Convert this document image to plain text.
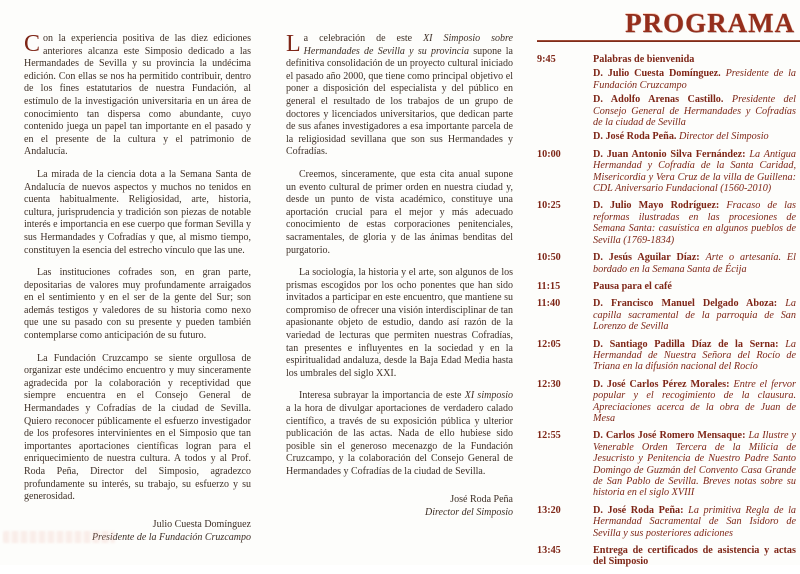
Con la experiencia positiva de las diez ediciones anteriores alcanza este Simposio dedicado a las Hermandades de Sevilla y su provincia la undécima edición. Con ellas se nos ha permitido contribuir, dentro de los fines estatutarios de nuestra Fundación, al estímulo de la investigación universitaria en un área de conocimiento tan dispersa como abundante, cuyo contenido juega un papel tan importante en el pasado y en el presente de la cultura y el patrimonio de Andalucía.

La mirada de la ciencia dota a la Semana Santa de Andalucía de nuevos aspectos y muchos no tenidos en cuenta habitualmente. Religiosidad, arte, historia, cultura, jurisprudencia y tradición son piezas de notable interés e importancia en ese cuerpo que forman Sevilla y sus Hermandades y Cofradías y que, al mismo tiempo, constituyen la esencia del estrecho vínculo que las une.

Las instituciones cofrades son, en gran parte, depositarias de valores muy profundamente arraigados en el sentimiento y en el ser de la gente del Sur; son además testigos y valedores de su historia como nexo que une su pasado con su presente y pueden también contemplarse como anticipación de su futuro.

La Fundación Cruzcampo se siente orgullosa de organizar este undécimo encuentro y muy sinceramente agradecida por la colaboración y receptividad que siempre encuentra en el Consejo General de Hermandades y Cofradías de la ciudad de Sevilla. Quiero reconocer públicamente el esfuerzo investigador de los profesores intervinientes en el Simposio que tan importantes aportaciones científicas logran para el enriquecimiento de nuestra cultura. A todos y al Prof. Roda Peña, Director del Simposio, agradezco profundamente su interés, su trabajo, su esfuerzo y su generosidad.

Julio Cuesta Domínguez
Presidente de la Fundación Cruzcampo

La celebración de este XI Simposio sobre Hermandades de Sevilla y su provincia supone la definitiva consolidación de un proyecto cultural iniciado el pasado año 2000, que tiene como principal objetivo el poner a disposición del especialista y del público en general el resultado de los trabajos de un grupo de doctores y licenciados universitarios, que dedican parte de sus afanes investigadores a esa importante parcela de la religiosidad sevillana que son sus Hermandades y Cofradías.

Creemos, sinceramente, que esta cita anual supone un evento cultural de primer orden en nuestra ciudad y, desde un punto de vista académico, constituye una aportación crucial para el mejor y más adecuado conocimiento de estas corporaciones penitenciales, sacramentales, de gloria y de las ánimas benditas del purgatorio.

La sociología, la historia y el arte, son algunos de los prismas escogidos por los ocho ponentes que han sido invitados a participar en este encuentro, que mantiene su compromiso de ofrecer una visión interdisciplinar de tan apasionante objeto de estudio, dando así razón de la variedad de lecturas que permiten nuestras Cofradías, tan presentes e influyentes en la sociedad y en la espiritualidad andaluza, desde la Baja Edad Media hasta los umbrales del siglo XXI.

Interesa subrayar la importancia de este XI simposio a la hora de divulgar aportaciones de verdadero calado científico, a través de su exposición pública y ulterior publicación de las actas. Nada de ello hubiese sido posible sin el generoso mecenazgo de la Fundación Cruzcampo, y la colaboración del Consejo General de Hermandades y Cofradías de la ciudad de Sevilla.

José Roda Peña
Director del Simposio
PROGRAMA
9:45	Palabras de bienvenida

D. Julio Cuesta Domínguez. Presidente de la Fundación Cruzcampo

D. Adolfo Arenas Castillo. Presidente del Consejo General de Hermandades y Cofradías de la ciudad de Sevilla

D. José Roda Peña. Director del Simposio

10:00	D. Juan Antonio Silva Fernández: La Antigua Hermandad y Cofradía de la Santa Caridad, Misericordia y Vera Cruz de la villa de Guillena: CDL Aniversario Fundacional (1560-2010)

10:25	D. Julio Mayo Rodríguez: Fracaso de las reformas ilustradas en las procesiones de Semana Santa: casuística en algunos pueblos de Sevilla (1769-1834)

10:50	D. Jesús Aguilar Díaz: Arte o artesanía. El bordado en la Semana Santa de Écija

11:15	Pausa para el café

11:40	D. Francisco Manuel Delgado Aboza: La capilla sacramental de la parroquia de San Lorenzo de Sevilla

12:05	D. Santiago Padilla Díaz de la Serna: La Hermandad de Nuestra Señora del Rocío de Triana en la difusión nacional del Rocío

12:30	D. José Carlos Pérez Morales: Entre el fervor popular y el recogimiento de la clausura. Apreciaciones acerca de la obra de Juan de Mesa

12:55	D. Carlos José Romero Mensaque: La Ilustre y Venerable Orden Tercera de la Milicia de Jesucristo y Penitencia de Nuestro Padre Santo Domingo de Guzmán del Convento Casa Grande de San Pablo de Sevilla. Breves notas sobre su historia en el siglo XVIII

13:20	D. José Roda Peña: La primitiva Regla de la Hermandad Sacramental de San Isidoro de Sevilla y sus posteriores adiciones

13:45	Entrega de certificados de asistencia y actas del Simposio
